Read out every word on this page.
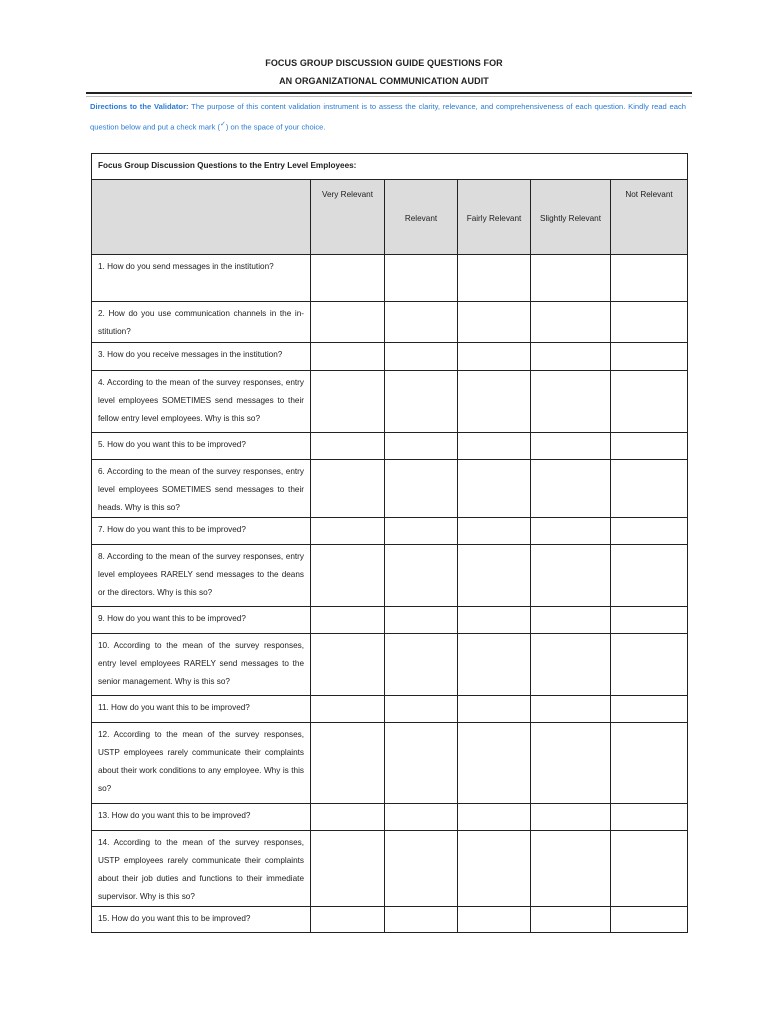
FOCUS GROUP DISCUSSION GUIDE QUESTIONS FOR
AN ORGANIZATIONAL COMMUNICATION AUDIT
Directions to the Validator: The purpose of this content validation instrument is to assess the clarity, relevance, and comprehensiveness of each question. Kindly read each question below and put a check mark (✓) on the space of your choice.
Focus Group Discussion Questions to the Entry Level Employees:					

	Very Relevant	Relevant	Fairly Relevant	Slightly Relevant	Not Relevant

1. How do you send messages in the institution?					

2. How do you use communication channels in the in-stitution?					

3. How do you receive messages in the institution?					

4. According to the mean of the survey responses, entry level employees SOMETIMES send messages to their fellow entry level employees. Why is this so?					

5. How do you want this to be improved?					

6. According to the mean of the survey responses, entry level employees SOMETIMES send messages to their heads. Why is this so?					

7. How do you want this to be improved?					

8. According to the mean of the survey responses, entry level employees RARELY send messages to the deans or the directors. Why is this so?					

9. How do you want this to be improved?					

10. According to the mean of the survey responses, entry level employees RARELY send messages to the senior management. Why is this so?					

11. How do you want this to be improved?					

12. According to the mean of the survey responses, USTP employees rarely communicate their complaints about their work conditions to any employee. Why is this so?					

13. How do you want this to be improved?					

14. According to the mean of the survey responses, USTP employees rarely communicate their complaints about their job duties and functions to their immediate supervisor. Why is this so?					

15. How do you want this to be improved?					
